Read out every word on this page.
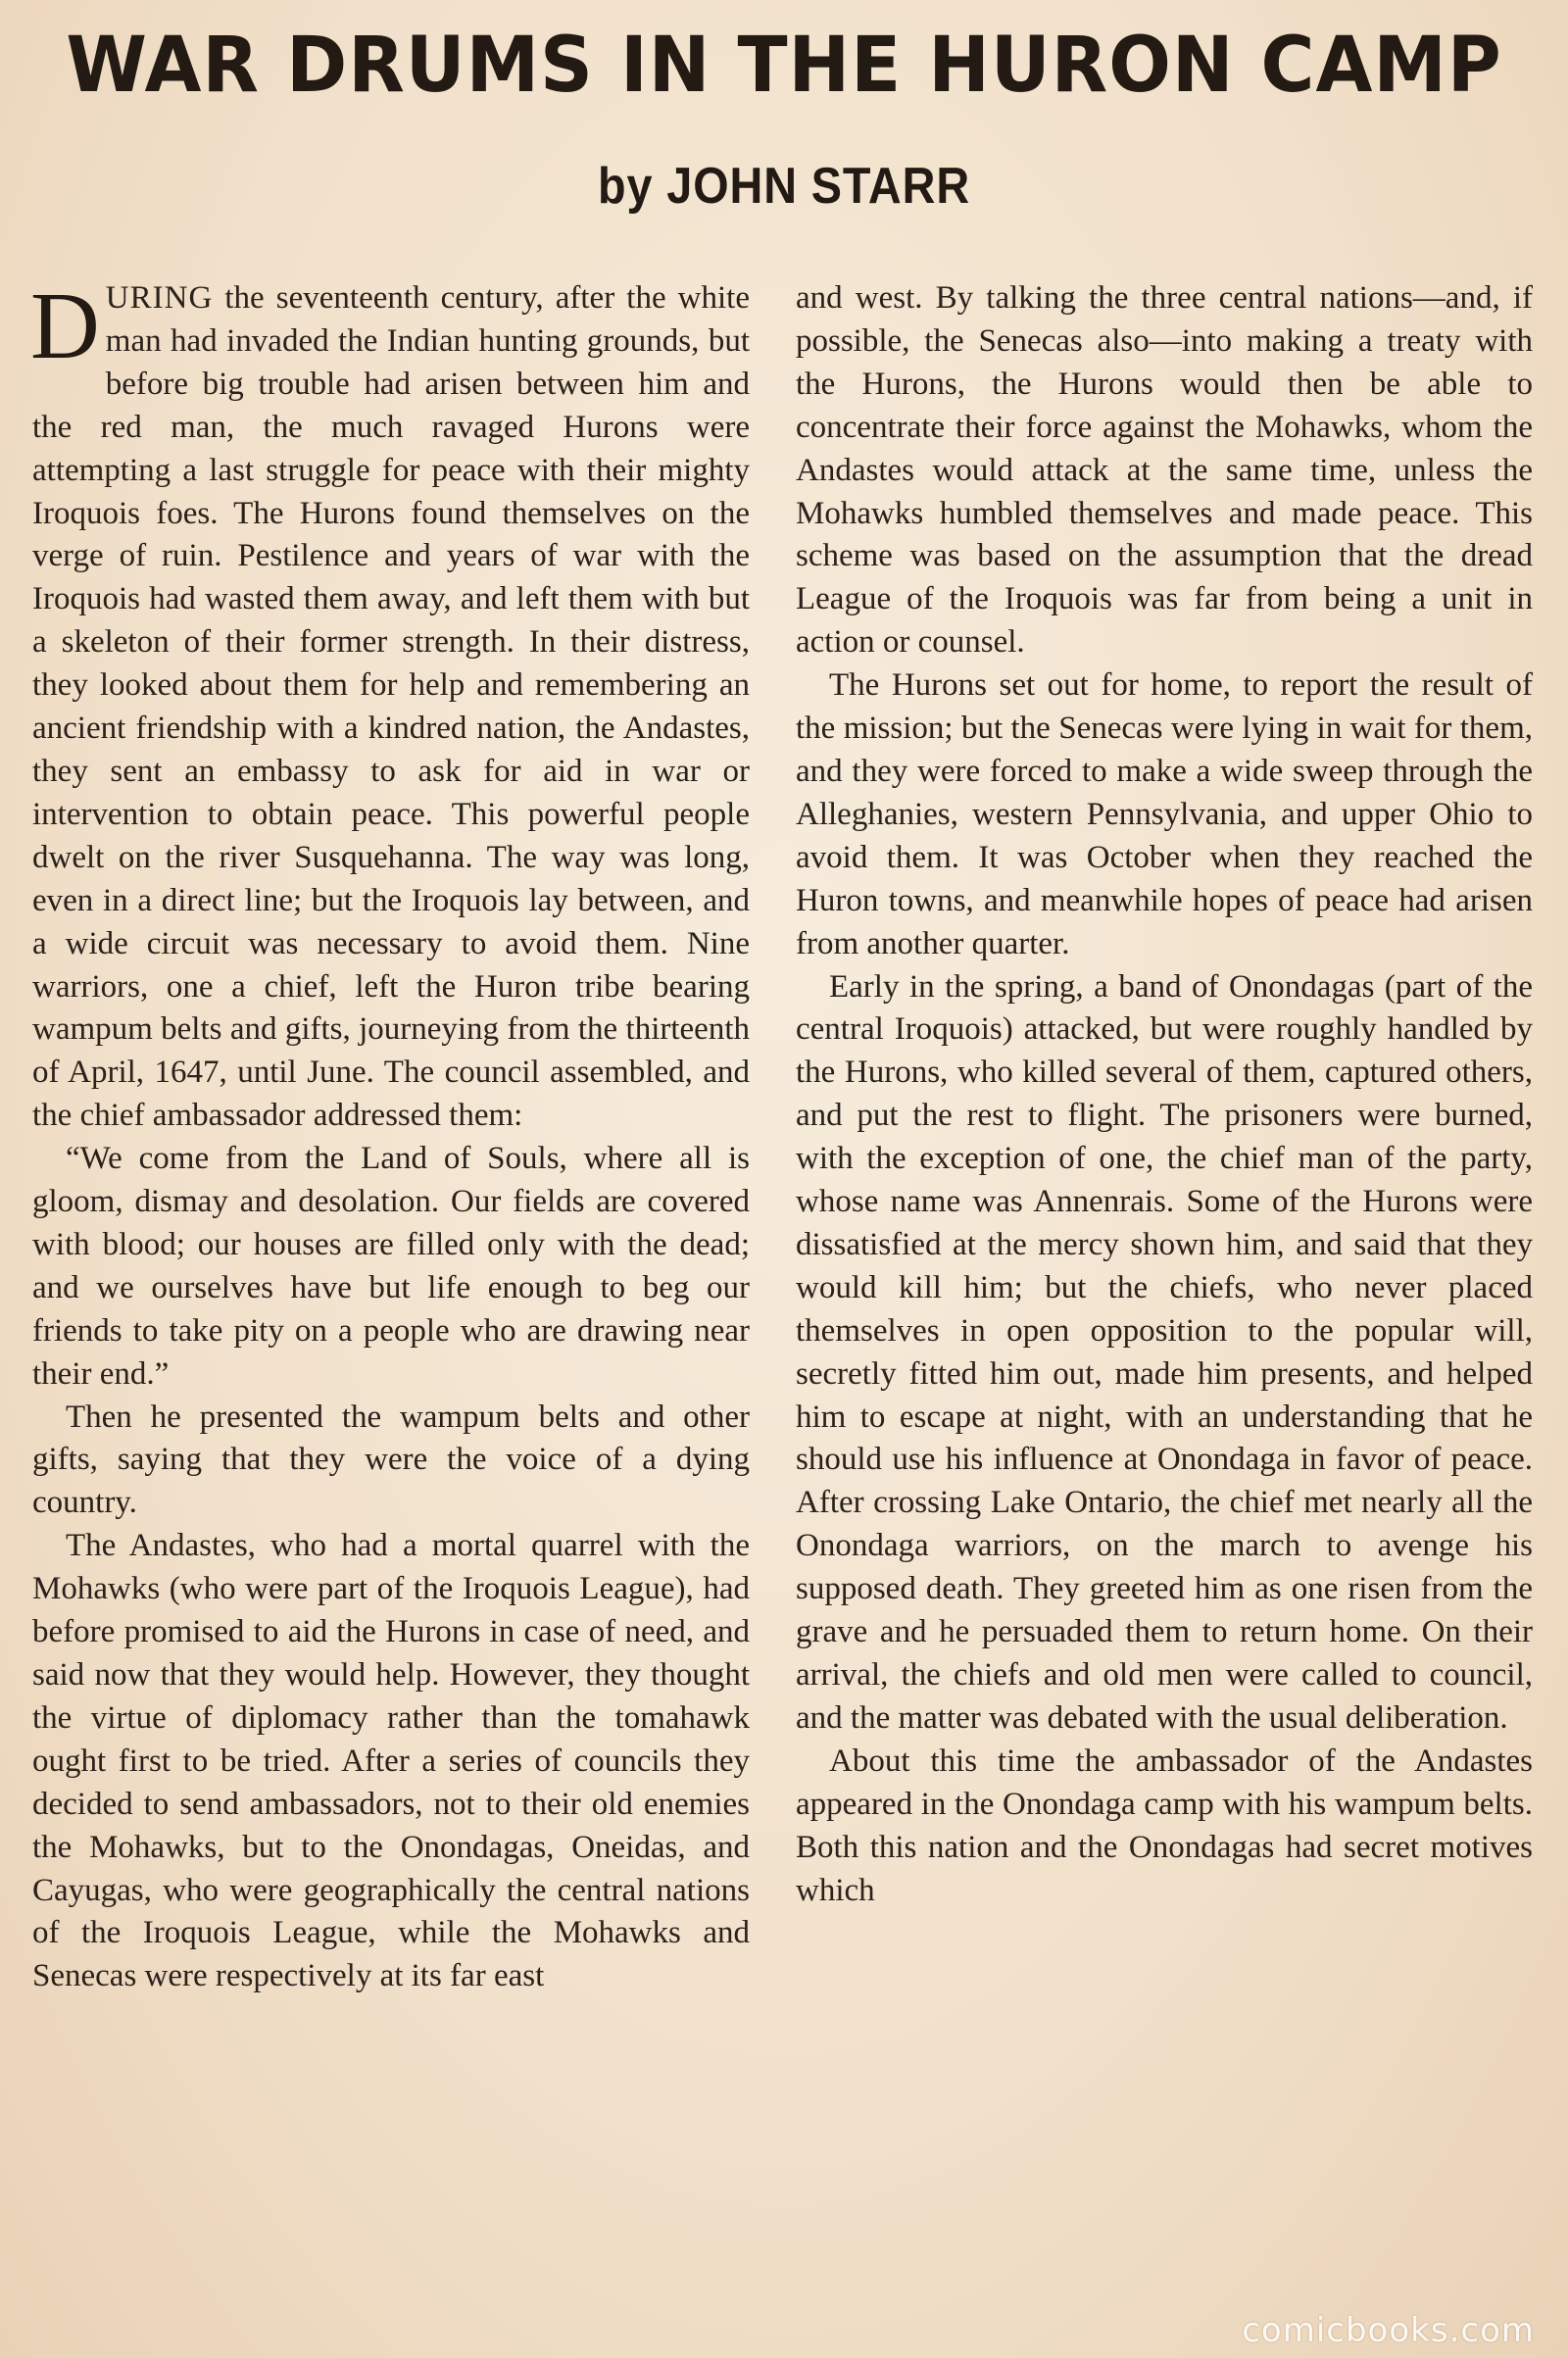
WAR DRUMS IN THE HURON CAMP
by JOHN STARR

DURING the seventeenth century, after the white man had invaded the Indian hunting grounds, but before big trouble had arisen between him and the red man, the much ravaged Hurons were attempting a last struggle for peace with their mighty Iroquois foes. The Hurons found themselves on the verge of ruin. Pestilence and years of war with the Iroquois had wasted them away, and left them with but a skeleton of their former strength. In their distress, they looked about them for help and remembering an ancient friendship with a kindred nation, the Andastes, they sent an embassy to ask for aid in war or intervention to obtain peace. This powerful people dwelt on the river Susquehanna. The way was long, even in a direct line; but the Iroquois lay between, and a wide circuit was necessary to avoid them. Nine warriors, one a chief, left the Huron tribe bearing wampum belts and gifts, journeying from the thirteenth of April, 1647, until June. The council assembled, and the chief ambassador addressed them:

“We come from the Land of Souls, where all is gloom, dismay and desolation. Our fields are covered with blood; our houses are filled only with the dead; and we ourselves have but life enough to beg our friends to take pity on a people who are drawing near their end.”

Then he presented the wampum belts and other gifts, saying that they were the voice of a dying country.

The Andastes, who had a mortal quarrel with the Mohawks (who were part of the Iroquois League), had before promised to aid the Hurons in case of need, and said now that they would help. However, they thought the virtue of diplomacy rather than the tomahawk ought first to be tried. After a series of councils they decided to send ambassadors, not to their old enemies the Mohawks, but to the Onondagas, Oneidas, and Cayugas, who were geographically the central nations of the Iroquois League, while the Mohawks and Senecas were respectively at its far east

and west. By talking the three central nations—and, if possible, the Senecas also—into making a treaty with the Hurons, the Hurons would then be able to concentrate their force against the Mohawks, whom the Andastes would attack at the same time, unless the Mohawks humbled themselves and made peace. This scheme was based on the assumption that the dread League of the Iroquois was far from being a unit in action or counsel.

The Hurons set out for home, to report the result of the mission; but the Senecas were lying in wait for them, and they were forced to make a wide sweep through the Alleghanies, western Pennsylvania, and upper Ohio to avoid them. It was October when they reached the Huron towns, and meanwhile hopes of peace had arisen from another quarter.

Early in the spring, a band of Onondagas (part of the central Iroquois) attacked, but were roughly handled by the Hurons, who killed several of them, captured others, and put the rest to flight. The prisoners were burned, with the exception of one, the chief man of the party, whose name was Annenrais. Some of the Hurons were dissatisfied at the mercy shown him, and said that they would kill him; but the chiefs, who never placed themselves in open opposition to the popular will, secretly fitted him out, made him presents, and helped him to escape at night, with an understanding that he should use his influence at Onondaga in favor of peace. After crossing Lake Ontario, the chief met nearly all the Onondaga warriors, on the march to avenge his supposed death. They greeted him as one risen from the grave and he persuaded them to return home. On their arrival, the chiefs and old men were called to council, and the matter was debated with the usual deliberation.

About this time the ambassador of the Andastes appeared in the Onondaga camp with his wampum belts. Both this nation and the Onondagas had secret motives which

comicbooks.com
